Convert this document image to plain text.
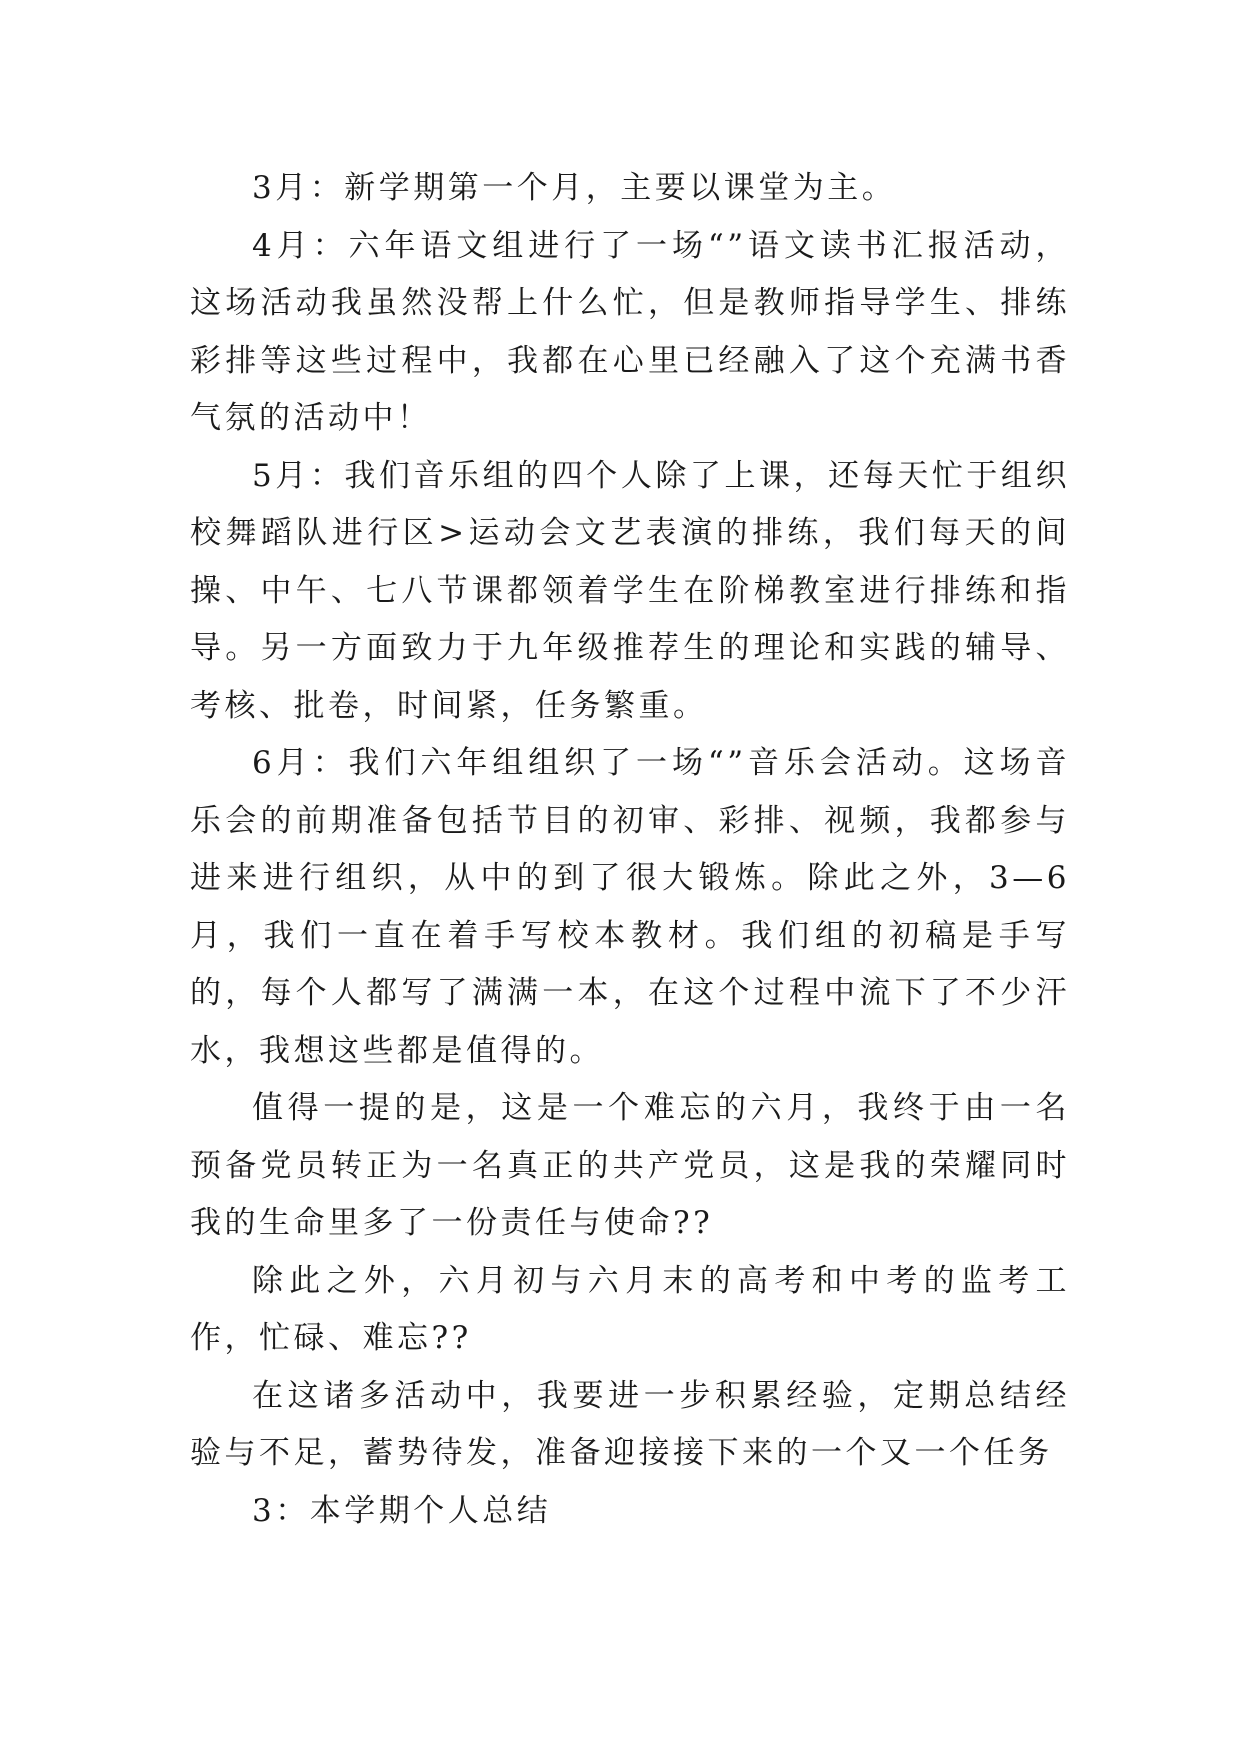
3月：新学期第一个月，主要以课堂为主。

4月：六年语文组进行了一场“”语文读书汇报活动，这场活动我虽然没帮上什么忙，但是教师指导学生、排练彩排等这些过程中，我都在心里已经融入了这个充满书香气氛的活动中！

5月：我们音乐组的四个人除了上课，还每天忙于组织校舞蹈队进行区>运动会文艺表演的排练，我们每天的间操、中午、七八节课都领着学生在阶梯教室进行排练和指导。另一方面致力于九年级推荐生的理论和实践的辅导、考核、批卷，时间紧，任务繁重。

6月：我们六年组组织了一场“”音乐会活动。这场音乐会的前期准备包括节目的初审、彩排、视频，我都参与进来进行组织，从中的到了很大锻炼。除此之外，3—6月，我们一直在着手写校本教材。我们组的初稿是手写的，每个人都写了满满一本，在这个过程中流下了不少汗水，我想这些都是值得的。

值得一提的是，这是一个难忘的六月，我终于由一名预备党员转正为一名真正的共产党员，这是我的荣耀同时我的生命里多了一份责任与使命??

除此之外，六月初与六月末的高考和中考的监考工作，忙碌、难忘??

在这诸多活动中，我要进一步积累经验，定期总结经验与不足，蓄势待发，准备迎接接下来的一个又一个任务

3：本学期个人总结
